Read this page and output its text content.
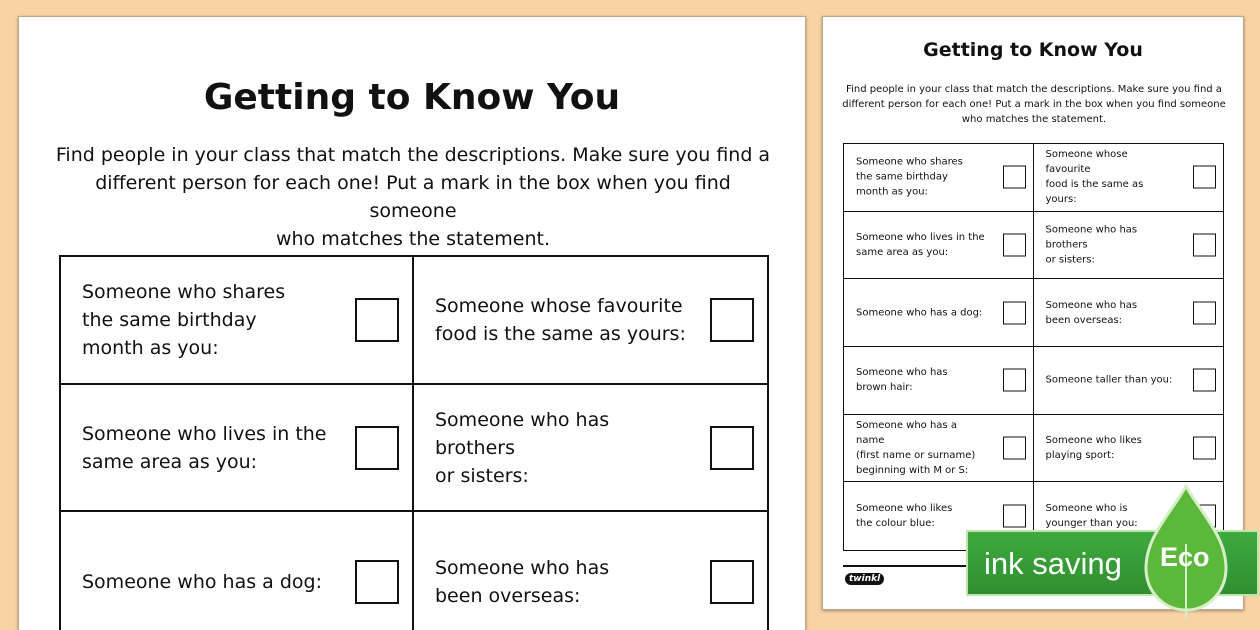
Getting to Know You
Find people in your class that match the descriptions. Make sure you find a
different person for each one! Put a mark in the box when you find someone
who matches the statement.
Someone who shares
the same birthday
month as you:
Someone whose favourite
food is the same as yours:
Someone who lives in the
same area as you:
Someone who has brothers
or sisters:
Someone who has a dog:
Someone who has
been overseas:
Getting to Know You
Find people in your class that match the descriptions. Make sure you find a
different person for each one! Put a mark in the box when you find someone
who matches the statement.
Someone who shares
the same birthday
month as you:
Someone whose favourite
food is the same as yours:
Someone who lives in the
same area as you:
Someone who has brothers
or sisters:
Someone who has a dog:
Someone who has
been overseas:
Someone who has
brown hair:
Someone taller than you:
Someone who has a name
(first name or surname)
beginning with M or S:
Someone who likes
playing sport:
Someone who likes
the colour blue:
Someone who is
younger than you:
twinkl	ink saving Eco
